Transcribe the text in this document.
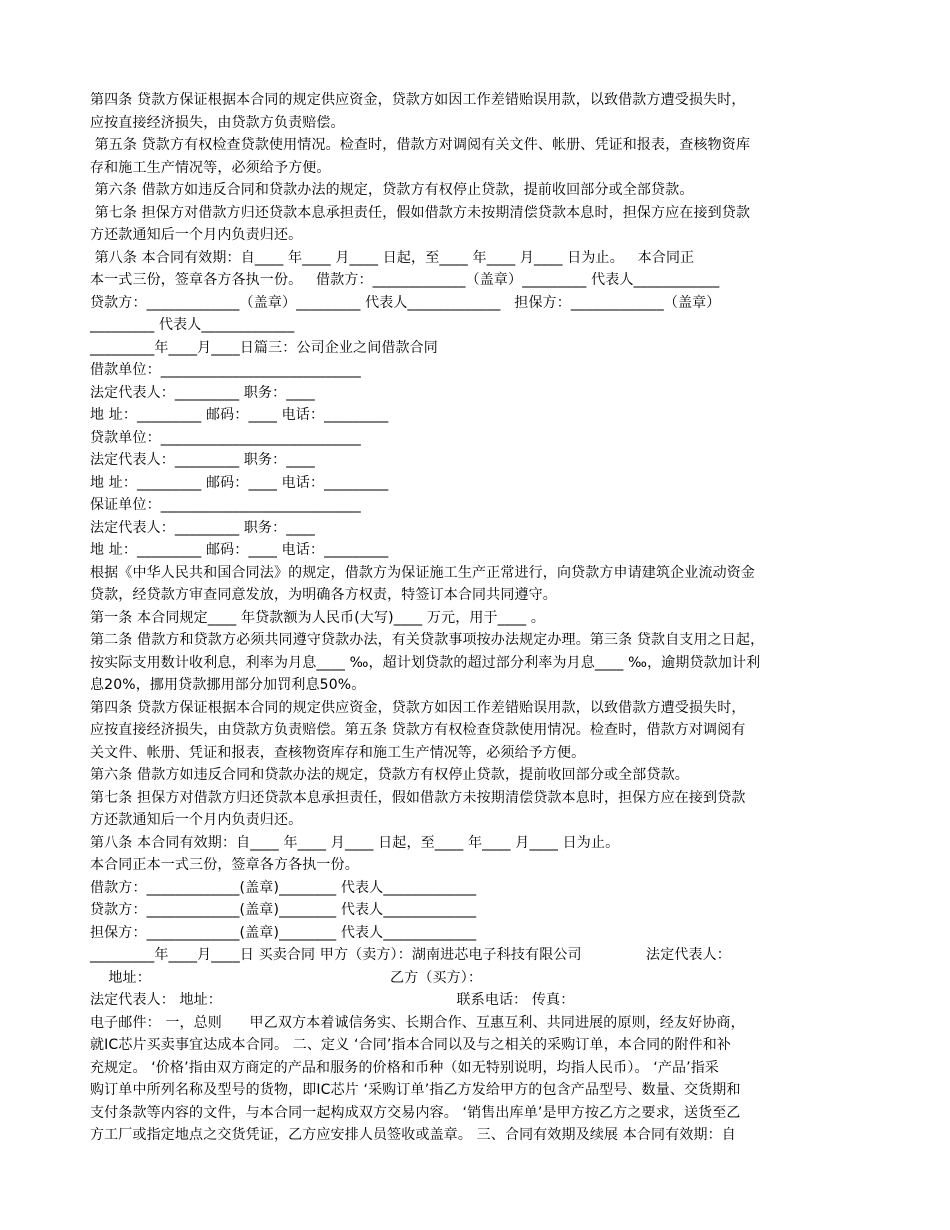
第四条 贷款方保证根据本合同的规定供应资金，贷款方如因工作差错贻误用款，以致借款方遭受损失时，
应按直接经济损失，由贷款方负责赔偿。
第五条 贷款方有权检查贷款使用情况。检查时，借款方对调阅有关文件、帐册、凭证和报表，查核物资库
存和施工生产情况等，必须给予方便。
第六条 借款方如违反合同和贷款办法的规定，贷款方有权停止贷款，提前收回部分或全部贷款。
第七条 担保方对借款方归还贷款本息承担责任，假如借款方未按期清偿贷款本息时，担保方应在接到贷款
方还款通知后一个月内负责归还。
第八条 本合同有效期：自____ 年____ 月____ 日起，至____ 年____ 月____ 日为止。   本合同正
本一式三份，签章各方各执一份。   借款方：_____________（盖章）_________ 代表人____________
贷款方：_____________（盖章）_________ 代表人_____________   担保方：_____________（盖章）
_________ 代表人_____________
_________年____月____日篇三：公司企业之间借款合同
借款单位：____________________________
法定代表人：_________ 职务：____
地 址：_________ 邮码：____ 电话：_________
贷款单位：____________________________
法定代表人：_________ 职务：____
地 址：_________ 邮码：____ 电话：_________
保证单位：____________________________
法定代表人：_________ 职务：____
地 址：_________ 邮码：____ 电话：_________
根据《中华人民共和国合同法》的规定，借款方为保证施工生产正常进行，向贷款方申请建筑企业流动资金
贷款，经贷款方审查同意发放，为明确各方权责，特签订本合同共同遵守。
第一条 本合同规定____ 年贷款额为人民币(大写)____ 万元，用于____ 。
第二条 借款方和贷款方必须共同遵守贷款办法，有关贷款事项按办法规定办理。第三条 贷款自支用之日起，
按实际支用数计收利息，利率为月息____ ‰，超计划贷款的超过部分利率为月息____ ‰，逾期贷款加计利
息20%，挪用贷款挪用部分加罚利息50%。
第四条 贷款方保证根据本合同的规定供应资金，贷款方如因工作差错贻误用款，以致借款方遭受损失时，
应按直接经济损失，由贷款方负责赔偿。第五条 贷款方有权检查贷款使用情况。检查时，借款方对调阅有
关文件、帐册、凭证和报表，查核物资库存和施工生产情况等，必须给予方便。
第六条 借款方如违反合同和贷款办法的规定，贷款方有权停止贷款，提前收回部分或全部贷款。
第七条 担保方对借款方归还贷款本息承担责任，假如借款方未按期清偿贷款本息时，担保方应在接到贷款
方还款通知后一个月内负责归还。
第八条 本合同有效期：自____ 年____ 月____ 日起，至____ 年____ 月____ 日为止。
本合同正本一式三份，签章各方各执一份。
借款方：_____________(盖章)________ 代表人_____________
贷款方：_____________(盖章)________ 代表人_____________
担保方：_____________(盖章)________ 代表人_____________
_________年____月____日 买卖合同 甲方（卖方）：湖南进芯电子科技有限公司              法定代表人：
地址：                                                    乙方（买方）：
法定代表人： 地址：                                                   联系电话： 传真：
电子邮件： 一，总则      甲乙双方本着诚信务实、长期合作、互惠互利、共同进展的原则，经友好协商，
就IC芯片买卖事宜达成本合同。 二、定义 ‘合同’指本合同以及与之相关的采购订单，本合同的附件和补
充规定。 ‘价格’指由双方商定的产品和服务的价格和币种（如无特别说明，均指人民币）。 ‘产品’指采
购订单中所列名称及型号的货物，即IC芯片 ‘采购订单’指乙方发给甲方的包含产品型号、数量、交货期和
支付条款等内容的文件，与本合同一起构成双方交易内容。 ‘销售出库单’是甲方按乙方之要求，送货至乙
方工厂或指定地点之交货凭证，乙方应安排人员签收或盖章。 三、合同有效期及续展 本合同有效期：自
